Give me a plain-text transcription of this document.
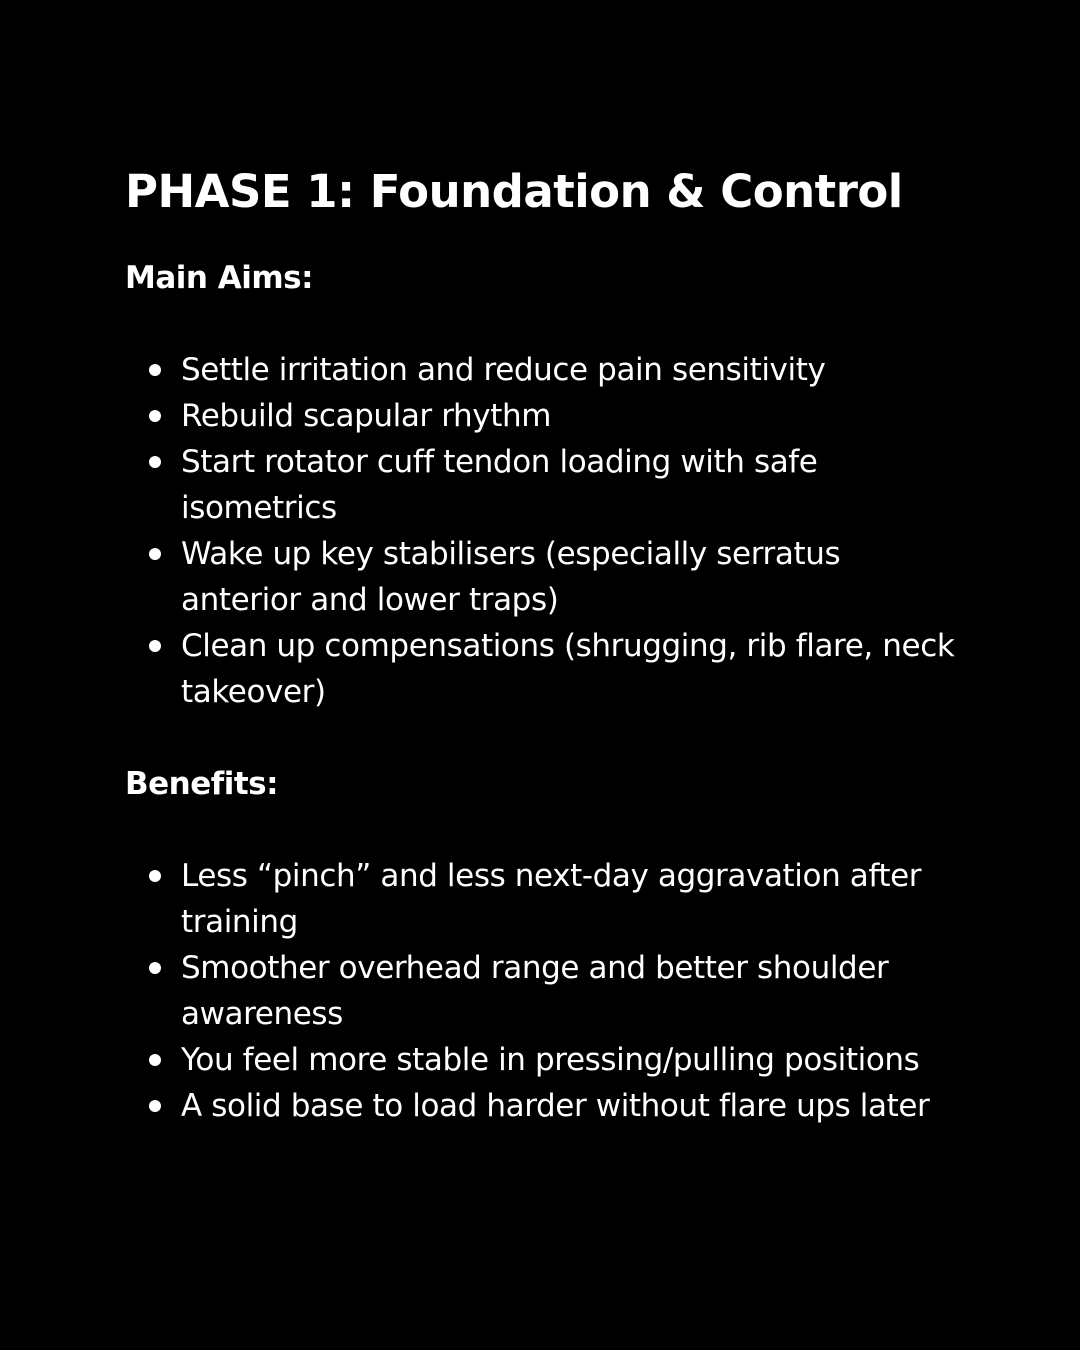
PHASE 1: Foundation & Control
Main Aims:
Settle irritation and reduce pain sensitivity
Rebuild scapular rhythm
Start rotator cuff tendon loading with safe isometrics
Wake up key stabilisers (especially serratus anterior and lower traps)
Clean up compensations (shrugging, rib flare, neck takeover)
Benefits:
Less “pinch” and less next-day aggravation after training
Smoother overhead range and better shoulder awareness
You feel more stable in pressing/pulling positions
A solid base to load harder without flare ups later
